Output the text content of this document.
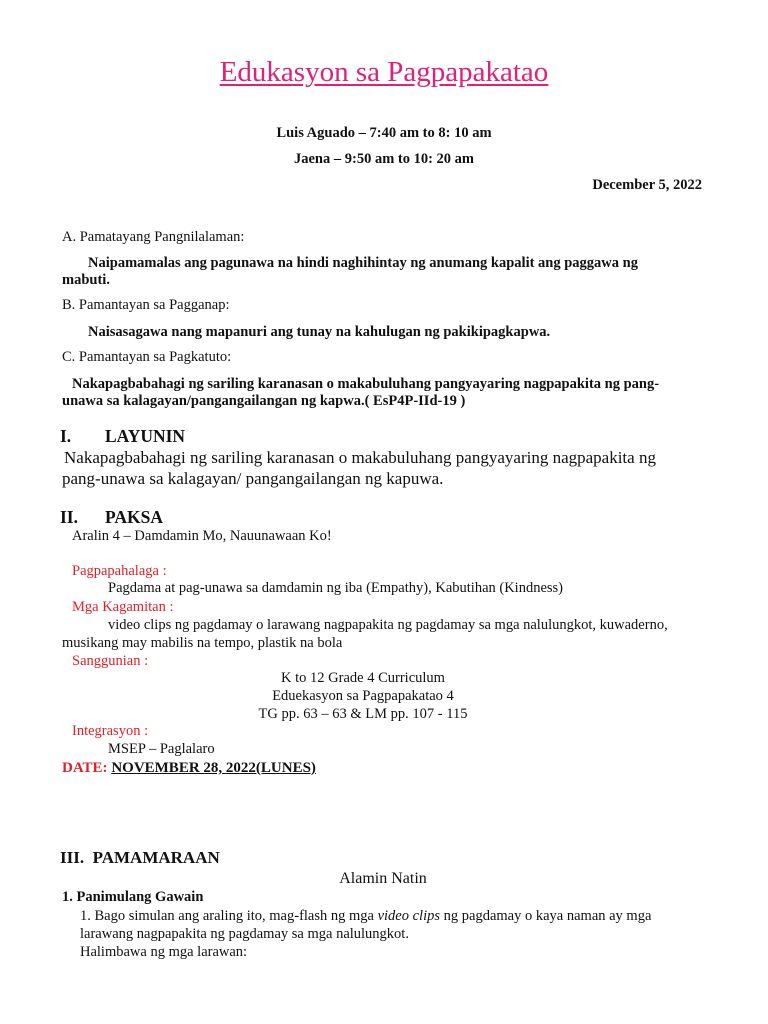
Edukasyon sa Pagpapakatao
Luis Aguado – 7:40 am to 8: 10 am
Jaena – 9:50 am to 10: 20 am
December 5, 2022
A. Pamatayang Pangnilalaman:
Naipamamalas ang pagunawa na hindi naghihintay ng anumang kapalit ang paggawa ng
mabuti.
B. Pamantayan sa Pagganap:
Naisasagawa nang mapanuri ang tunay na kahulugan ng pakikipagkapwa.
C. Pamantayan sa Pagkatuto:
Nakapagbabahagi ng sariling karanasan o makabuluhang pangyayaring nagpapakita ng pang-
unawa sa kalagayan/pangangailangan ng kapwa.( EsP4P-IId-19 )
I. LAYUNIN
Nakapagbabahagi ng sariling karanasan o makabuluhang pangyayaring nagpapakita ng
pang-unawa sa kalagayan/ pangangailangan ng kapuwa.
II. PAKSA
Aralin 4 – Damdamin Mo, Nauunawaan Ko!
Pagpapahalaga :
Pagdama at pag-unawa sa damdamin ng iba (Empathy), Kabutihan (Kindness)
Mga Kagamitan :
video clips ng pagdamay o larawang nagpapakita ng pagdamay sa mga nalulungkot, kuwaderno,
musikang may mabilis na tempo, plastik na bola
Sanggunian :
K to 12 Grade 4 Curriculum
Eduekasyon sa Pagpapakatao 4
TG pp. 63 – 63 & LM pp. 107 - 115
Integrasyon :
MSEP – Paglalaro
DATE: NOVEMBER 28, 2022(LUNES)
III. PAMAMARAAN
Alamin Natin
1. Panimulang Gawain
1. Bago simulan ang araling ito, mag-flash ng mga video clips ng pagdamay o kaya naman ay mga
larawang nagpapakita ng pagdamay sa mga nalulungkot.
Halimbawa ng mga larawan:
